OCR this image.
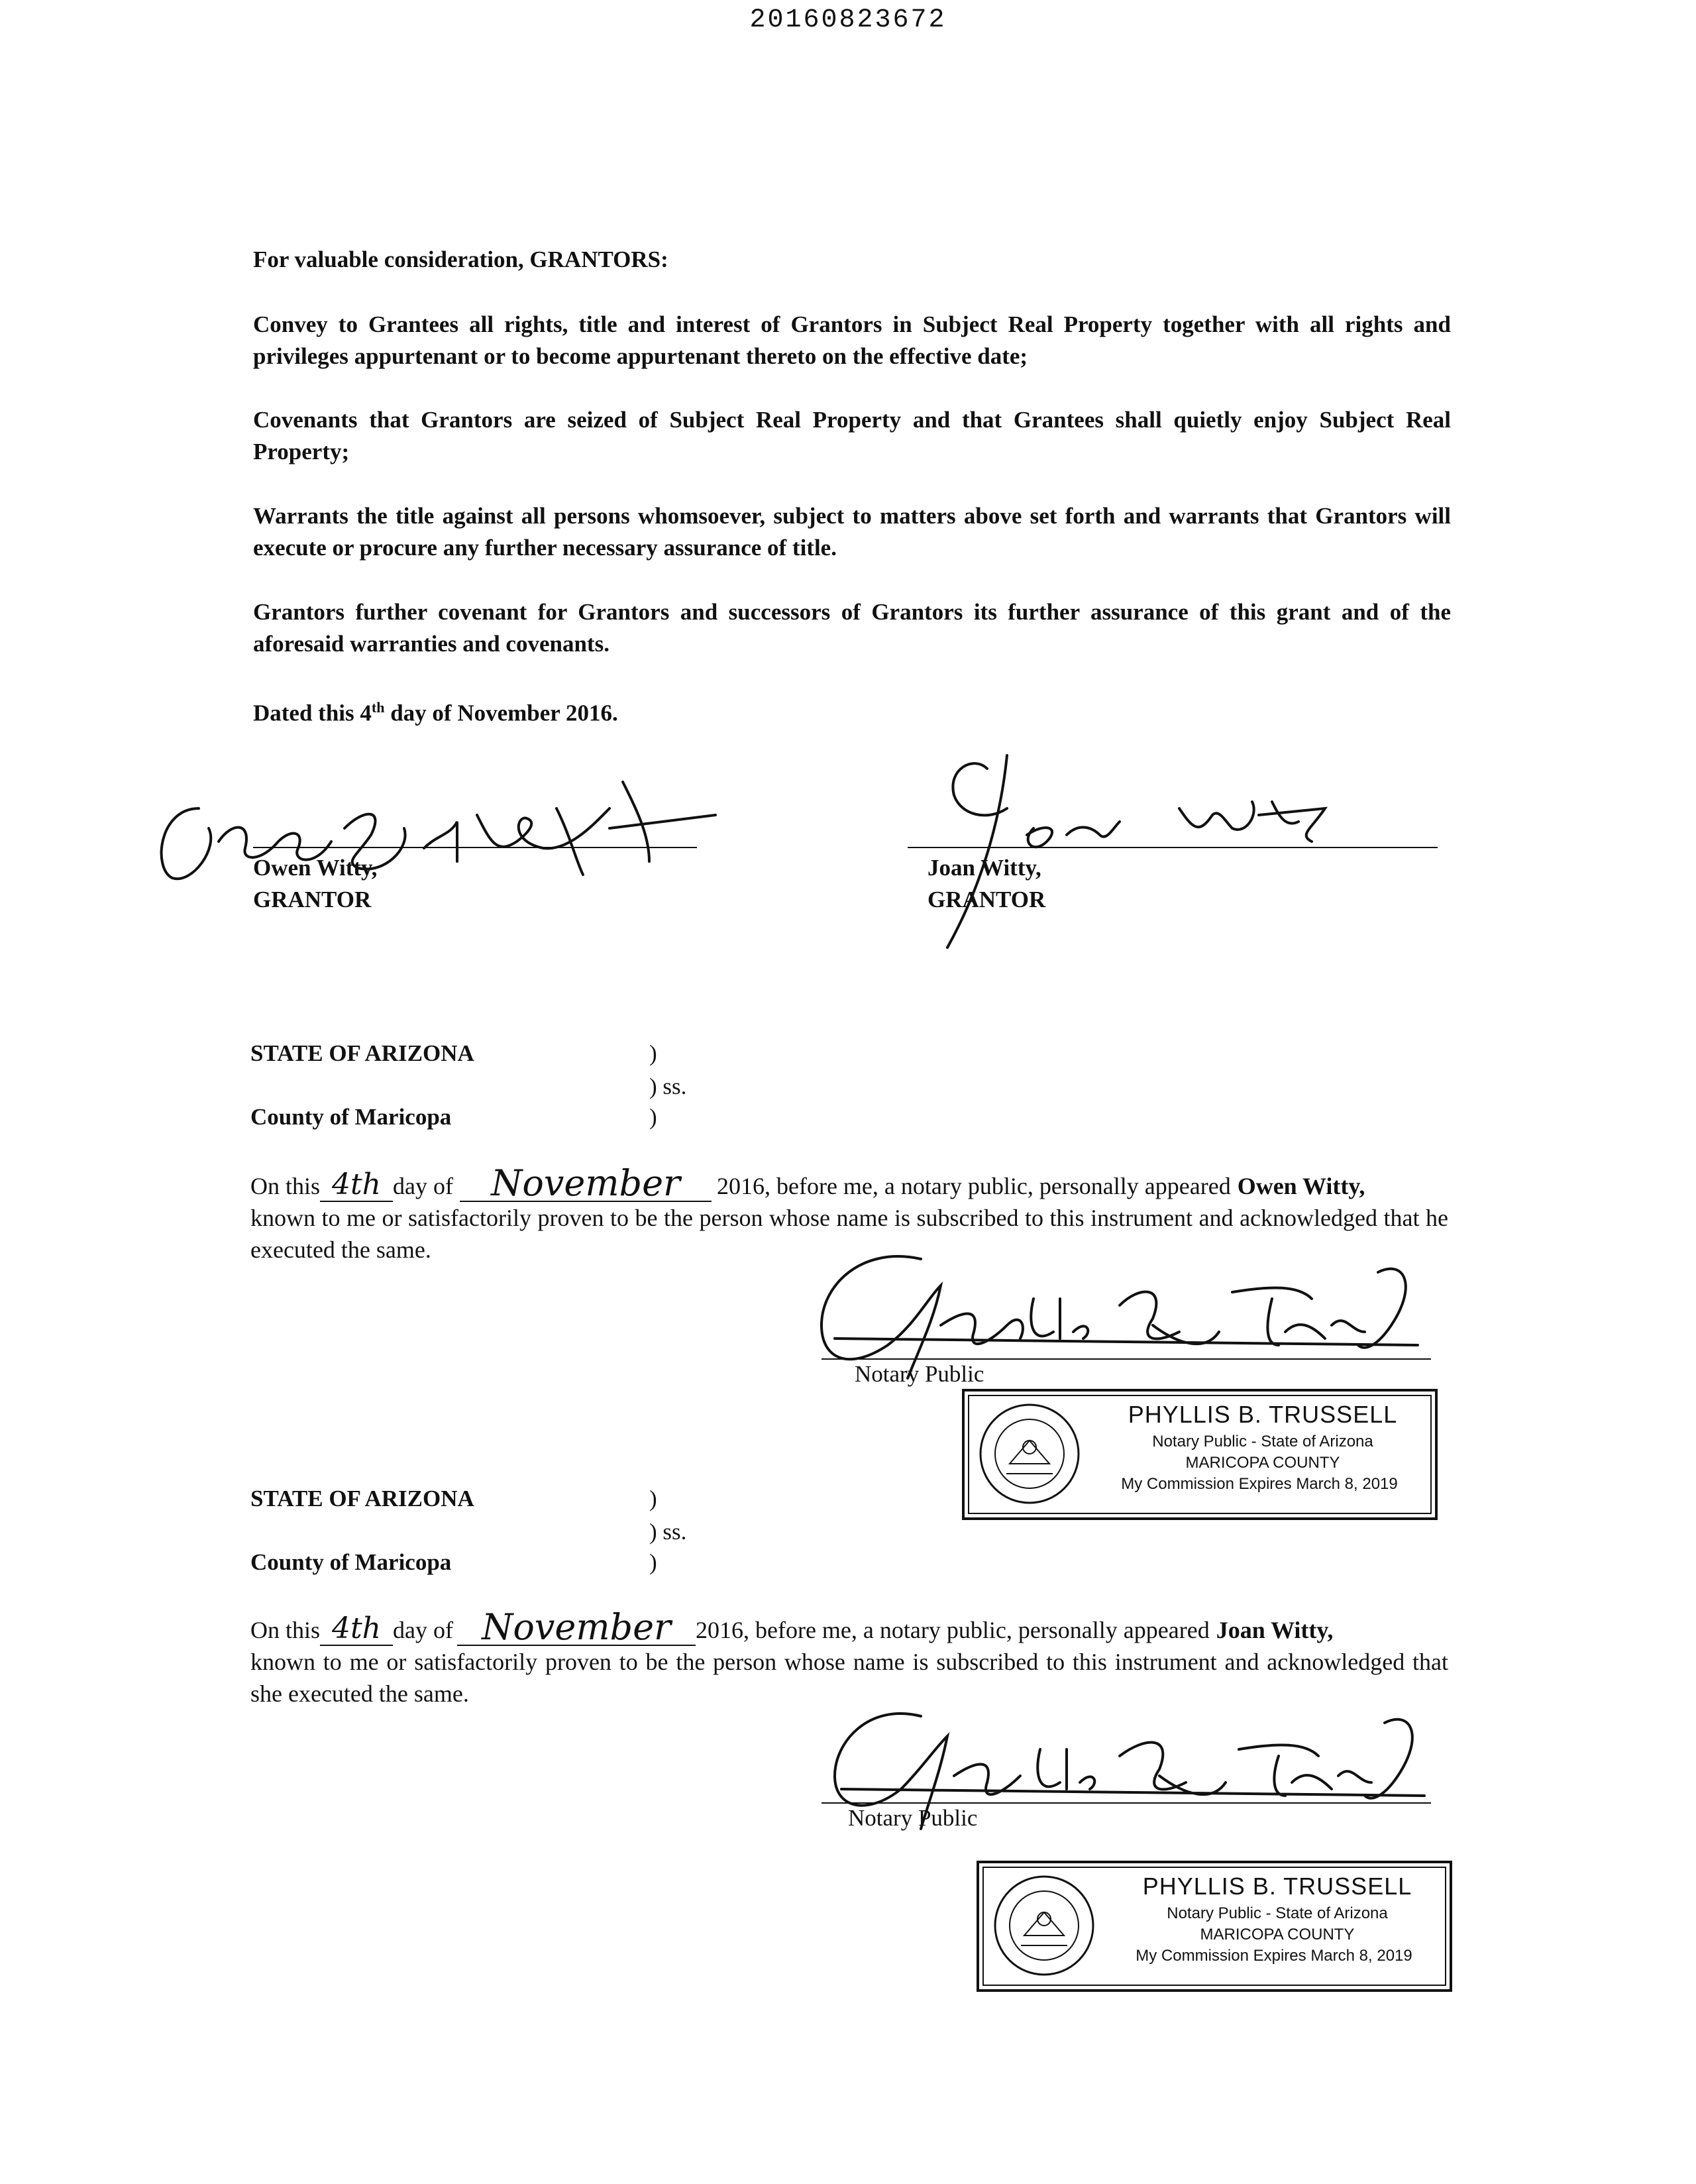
20160823672
For valuable consideration, GRANTORS:
Convey to Grantees all rights, title and interest of Grantors in Subject Real Property together with all rights and privileges appurtenant or to become appurtenant thereto on the effective date;
Covenants that Grantors are seized of Subject Real Property and that Grantees shall quietly enjoy Subject Real Property;
Warrants the title against all persons whomsoever, subject to matters above set forth and warrants that Grantors will execute or procure any further necessary assurance of title.
Grantors further covenant for Grantors and successors of Grantors its further assurance of this grant and of the aforesaid warranties and covenants.
Dated this 4th day of November 2016.
Owen Witty,
GRANTOR
Joan Witty,
GRANTOR
STATE OF ARIZONA	)
) ss.
County of Maricopa	)
On this 4th day of	November	2016, before me, a notary public, personally appeared Owen Witty,
known to me or satisfactorily proven to be the person whose name is subscribed to this instrument and acknowledged that he executed the same.
Notary Public
PHYLLIS B. TRUSSELL
Notary Public - State of Arizona
MARICOPA COUNTY
My Commission Expires March 8, 2019
STATE OF ARIZONA	)
) ss.
County of Maricopa	)
On this 4th day of November	2016, before me, a notary public, personally appeared Joan Witty,
known to me or satisfactorily proven to be the person whose name is subscribed to this instrument and acknowledged that she executed the same.
Notary Public
PHYLLIS B. TRUSSELL
Notary Public - State of Arizona
MARICOPA COUNTY
My Commission Expires March 8, 2019
